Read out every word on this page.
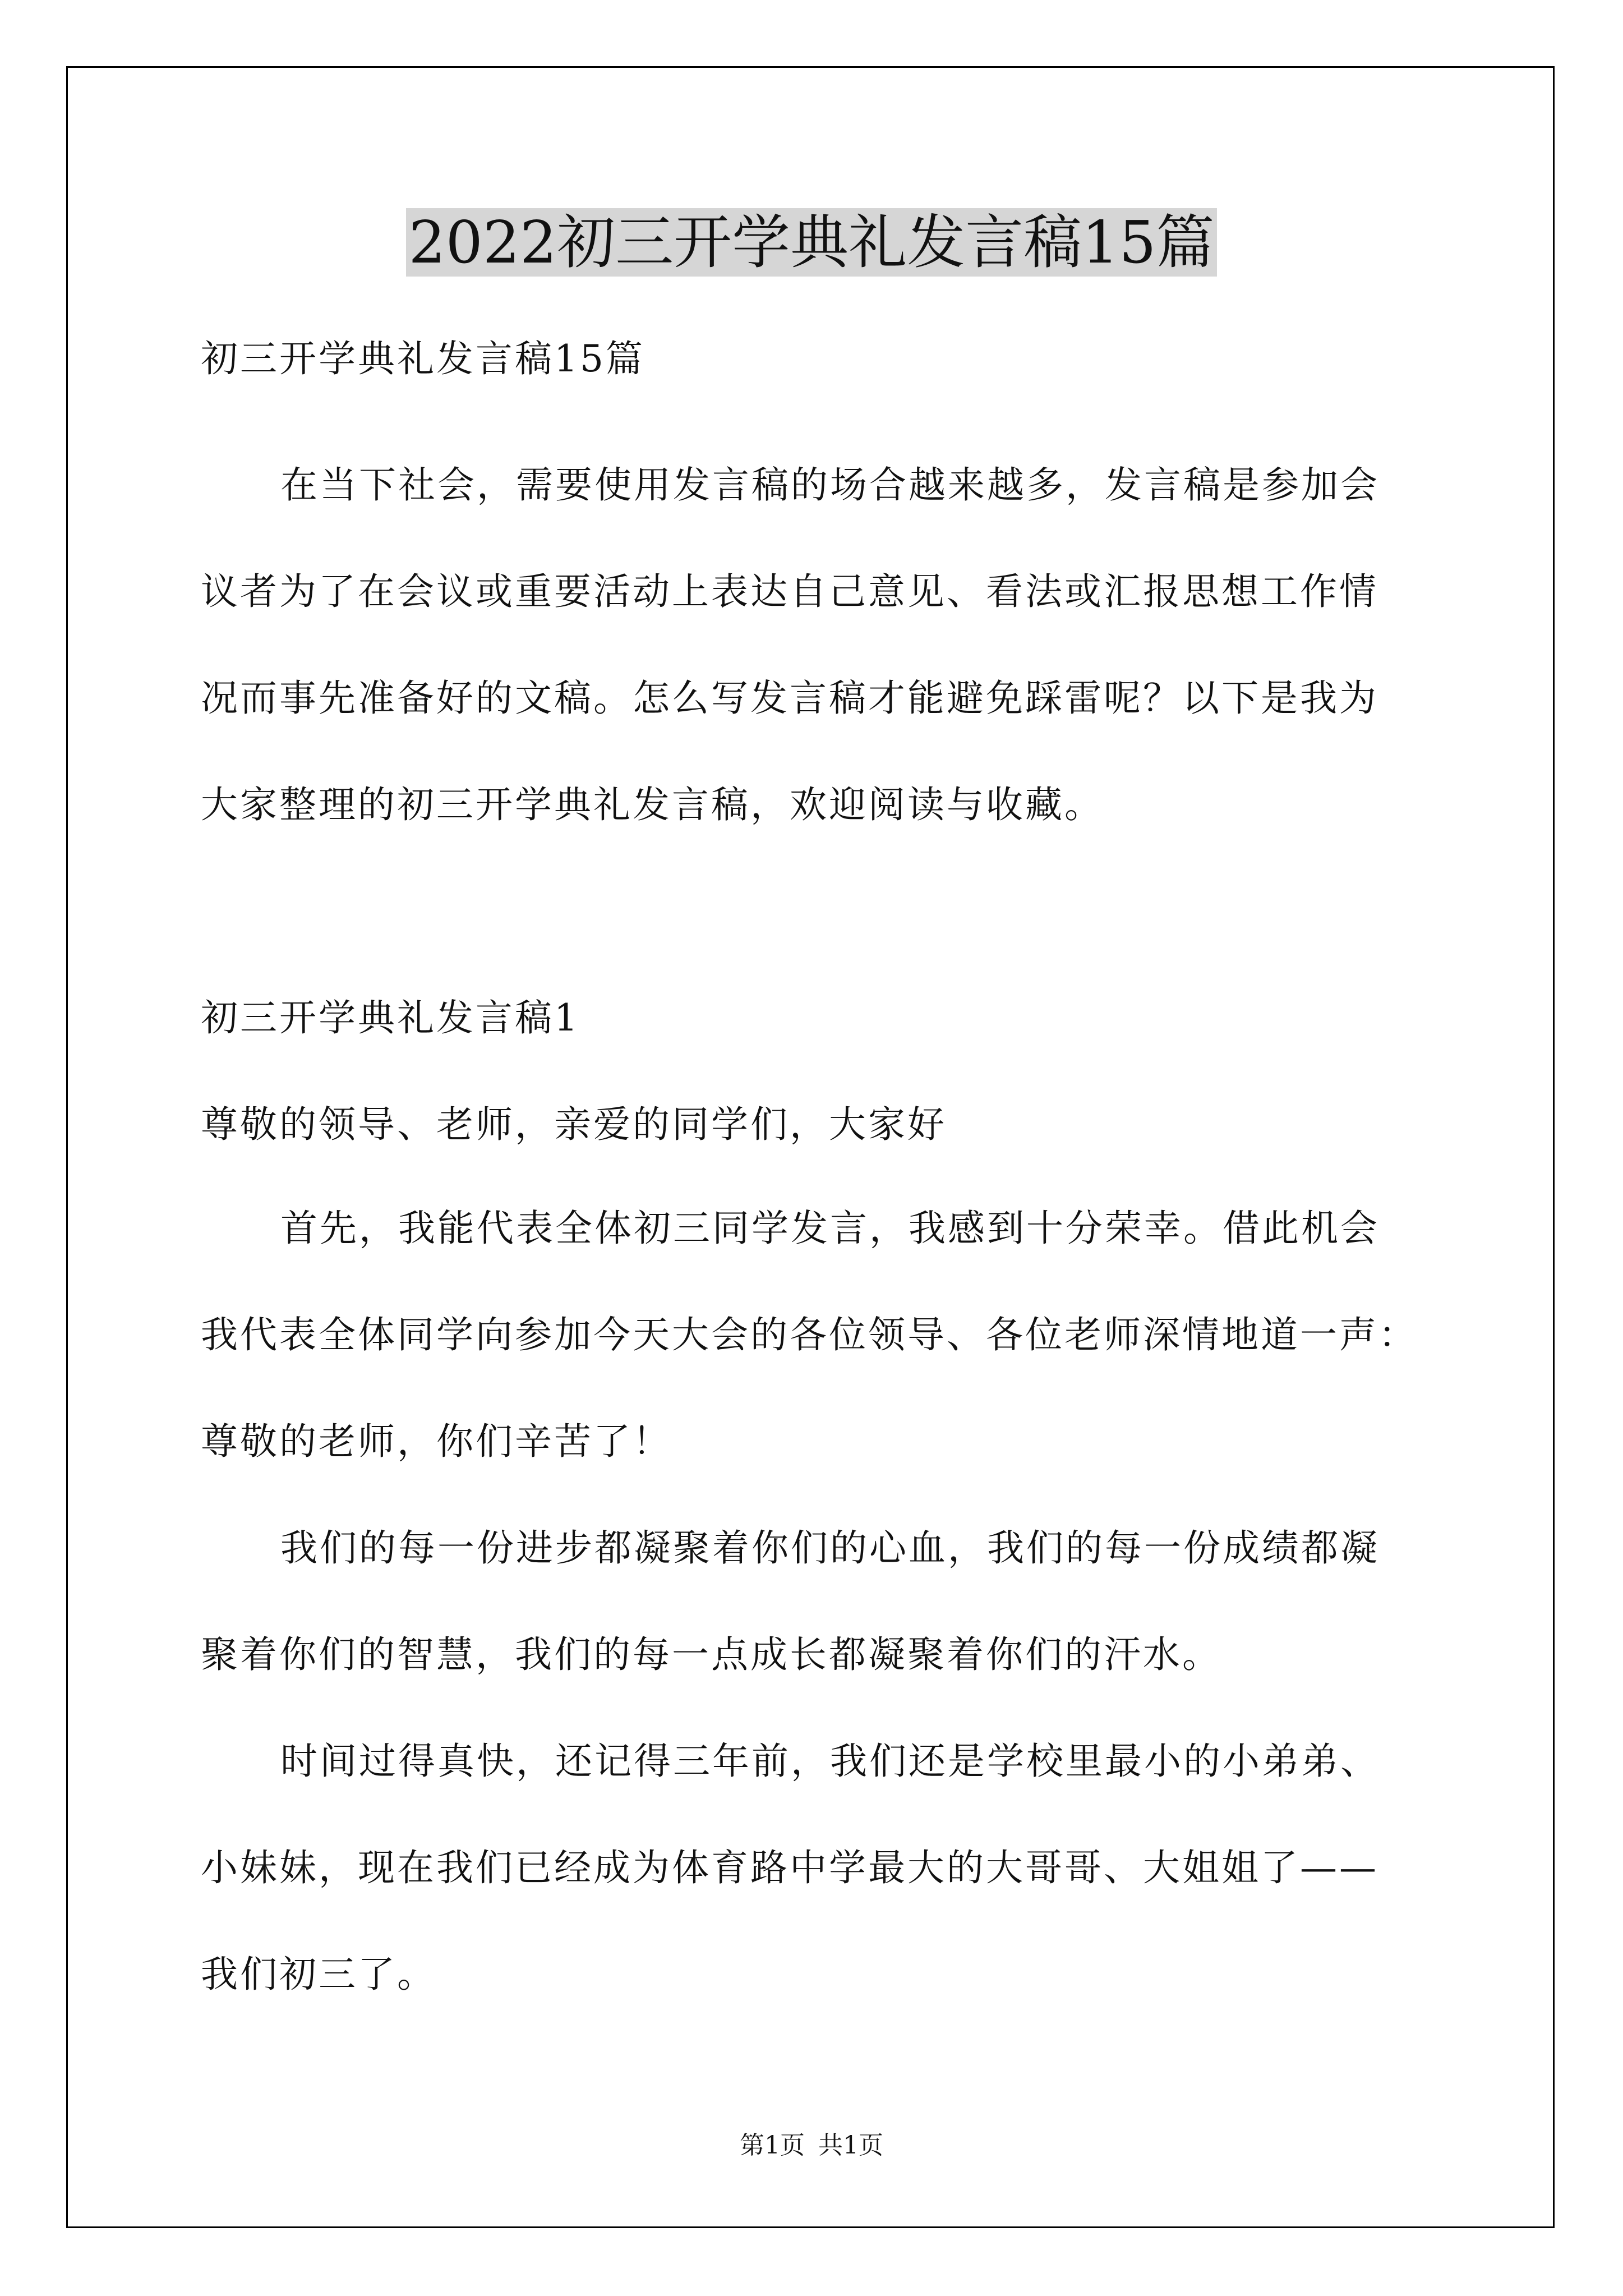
2022初三开学典礼发言稿15篇

初三开学典礼发言稿15篇

在当下社会，需要使用发言稿的场合越来越多，发言稿是参加会

议者为了在会议或重要活动上表达自己意见、看法或汇报思想工作情

况而事先准备好的文稿。怎么写发言稿才能避免踩雷呢？以下是我为

大家整理的初三开学典礼发言稿，欢迎阅读与收藏。

初三开学典礼发言稿1

尊敬的领导、老师，亲爱的同学们，大家好

首先，我能代表全体初三同学发言，我感到十分荣幸。借此机会

我代表全体同学向参加今天大会的各位领导、各位老师深情地道一声：

尊敬的老师，你们辛苦了！

我们的每一份进步都凝聚着你们的心血，我们的每一份成绩都凝

聚着你们的智慧，我们的每一点成长都凝聚着你们的汗水。

时间过得真快，还记得三年前，我们还是学校里最小的小弟弟、

小妹妹，现在我们已经成为体育路中学最大的大哥哥、大姐姐了——

我们初三了。

第1页 共1页
